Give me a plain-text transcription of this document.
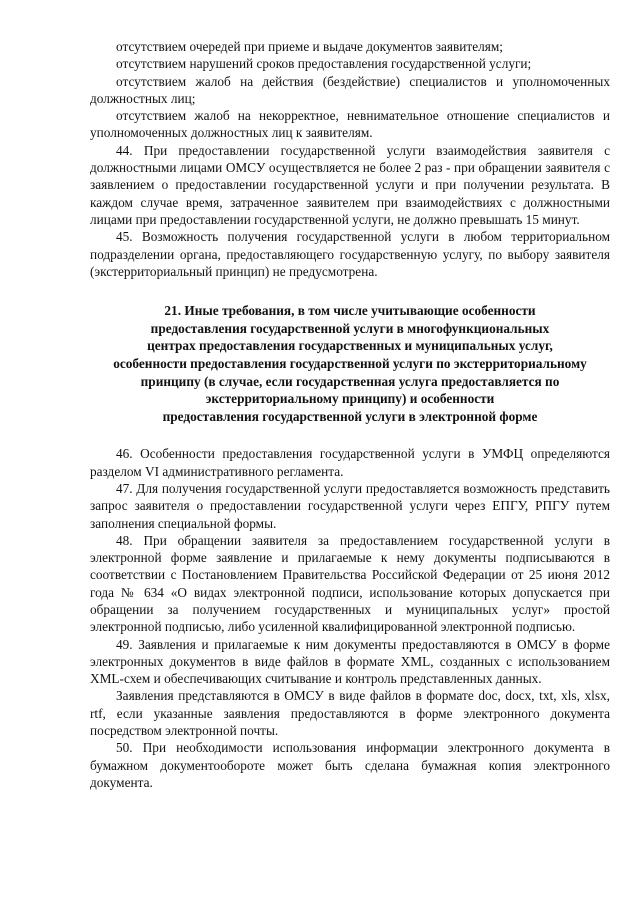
отсутствием очередей при приеме и выдаче документов заявителям;

отсутствием нарушений сроков предоставления государственной услуги;

отсутствием жалоб на действия (бездействие) специалистов и уполномоченных должностных лиц;

отсутствием жалоб на некорректное, невнимательное отношение специалистов и уполномоченных должностных лиц к заявителям.

44. При предоставлении государственной услуги взаимодействия заявителя с должностными лицами ОМСУ осуществляется не более 2 раз - при обращении заявителя с заявлением о предоставлении государственной услуги и при получении результата. В каждом случае время, затраченное заявителем при взаимодействиях с должностными лицами при предоставлении государственной услуги, не должно превышать 15 минут.

45. Возможность получения государственной услуги в любом территориальном подразделении органа, предоставляющего государственную услугу, по выбору заявителя (экстерриториальный принцип) не предусмотрена.

21. Иные требования, в том числе учитывающие особенности
предоставления государственной услуги в многофункциональных
центрах предоставления государственных и муниципальных услуг,
особенности предоставления государственной услуги по экстерриториальному
принципу (в случае, если государственная услуга предоставляется по
экстерриториальному принципу) и особенности
предоставления государственной услуги в электронной форме

46. Особенности предоставления государственной услуги в УМФЦ определяются разделом VI административного регламента.

47. Для получения государственной услуги предоставляется возможность представить запрос заявителя о предоставлении государственной услуги через ЕПГУ, РПГУ путем заполнения специальной формы.

48. При обращении заявителя за предоставлением государственной услуги в электронной форме заявление и прилагаемые к нему документы подписываются в соответствии с Постановлением Правительства Российской Федерации от 25 июня 2012 года № 634 «О видах электронной подписи, использование которых допускается при обращении за получением государственных и муниципальных услуг» простой электронной подписью, либо усиленной квалифицированной электронной подписью.

49. Заявления и прилагаемые к ним документы предоставляются в ОМСУ в форме электронных документов в виде файлов в формате XML, созданных с использованием XML-схем и обеспечивающих считывание и контроль представленных данных.

Заявления представляются в ОМСУ в виде файлов в формате doc, docx, txt, xls, xlsx, rtf, если указанные заявления предоставляются в форме электронного документа посредством электронной почты.

50. При необходимости использования информации электронного документа в бумажном документообороте может быть сделана бумажная копия электронного документа.
